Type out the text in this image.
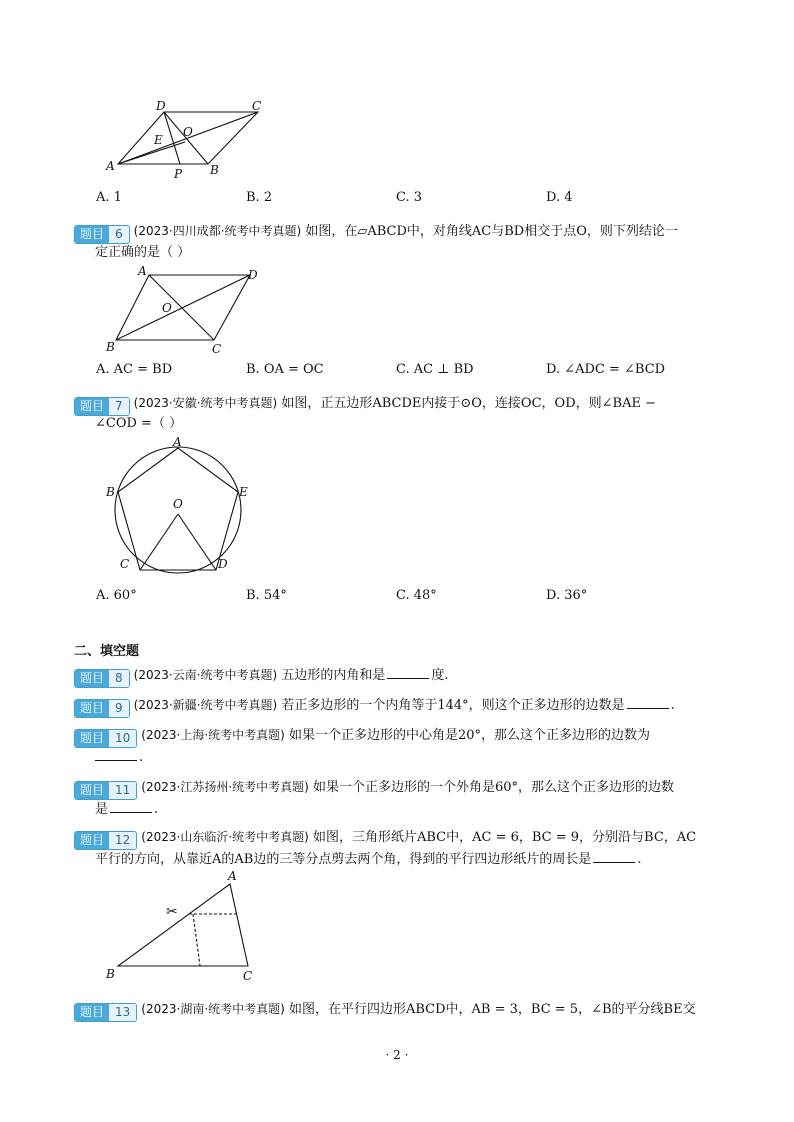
D	C
O
E
A
P B
A. 1	B. 2	C. 3	D. 4
题目 6 (2023·四川成都·统考中考真题) 如图，在▱ABCD中，对角线AC与BD相交于点O，则下列结论一
定正确的是（ ）
A	D
O
B	C
A. AC = BD	B. OA = OC	C. AC ⊥ BD	D. ∠ADC = ∠BCD
题目 7 (2023·安徽·统考中考真题) 如图，正五边形ABCDE内接于⊙O，连接OC，OD，则∠BAE −
∠COD =（ ）
A
B	E
O
C	D
A. 60°	B. 54°	C. 48°	D. 36°
二、填空题
题目 8 (2023·云南·统考中考真题) 五边形的内角和是	度.
题目 9 (2023·新疆·统考中考真题) 若正多边形的一个内角等于144°，则这个正多边形的边数是	.
题目 10 (2023·上海·统考中考真题) 如果一个正多边形的中心角是20°，那么这个正多边形的边数为
.
题目 11 (2023·江苏扬州·统考中考真题) 如果一个正多边形的一个外角是60°，那么这个正多边形的边数
是	.
题目 12 (2023·山东临沂·统考中考真题) 如图，三角形纸片ABC中，AC = 6，BC = 9，分别沿与BC，AC
平行的方向，从靠近A的AB边的三等分点剪去两个角，得到的平行四边形纸片的周长是	.
✂
A
B	C
题目 13 (2023·湖南·统考中考真题) 如图，在平行四边形ABCD中，AB = 3，BC = 5，∠B的平分线BE交
· 2 ·
